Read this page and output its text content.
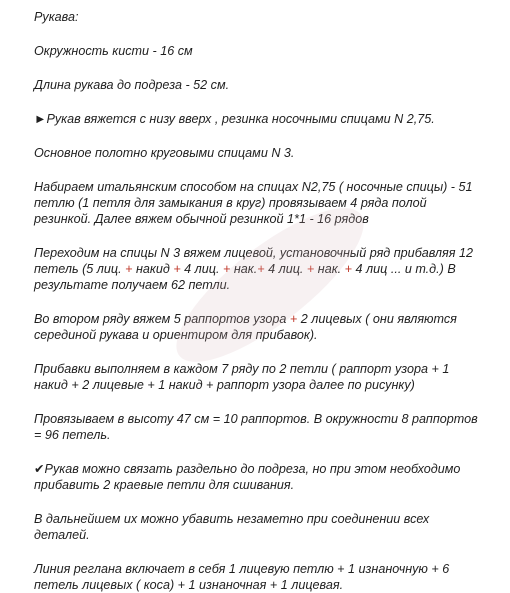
Рукава:

Окружность кисти - 16 см

Длина рукава до подреза - 52 см.

►Рукав вяжется с низу вверх , резинка носочными спицами N 2,75.

Основное полотно круговыми спицами N 3.

Набираем итальянским способом на спицах N2,75 ( носочные спицы) - 51 петлю (1 петля для замыкания в круг) провязываем 4 ряда полой резинкой. Далее вяжем обычной резинкой 1*1 - 16 рядов

Переходим на спицы N 3 вяжем лицевой, установочный ряд прибавляя 12 петель (5 лиц. + накид + 4 лиц. + нак.+ 4 лиц. + нак. + 4 лиц ... и т.д.) В результате получаем 62 петли.

Во втором ряду вяжем 5 раппортов узора + 2 лицевых ( они являются серединой рукава и ориентиром для прибавок).

Прибавки выполняем в каждом 7 ряду по 2 петли ( раппорт узора + 1 накид + 2 лицевые + 1 накид + раппорт узора далее по рисунку)

Провязываем в высоту 47 см = 10 раппортов. В окружности 8 раппортов = 96 петель.

✔Рукав можно связать раздельно до подреза, но при этом необходимо прибавить 2 краевые петли для сшивания.

В дальнейшем их можно убавить незаметно при соединении всех деталей.

Линия реглана включает в себя 1 лицевую петлю + 1 изнаночную + 6 петель лицевых ( коса) + 1 изнаночная + 1 лицевая.
